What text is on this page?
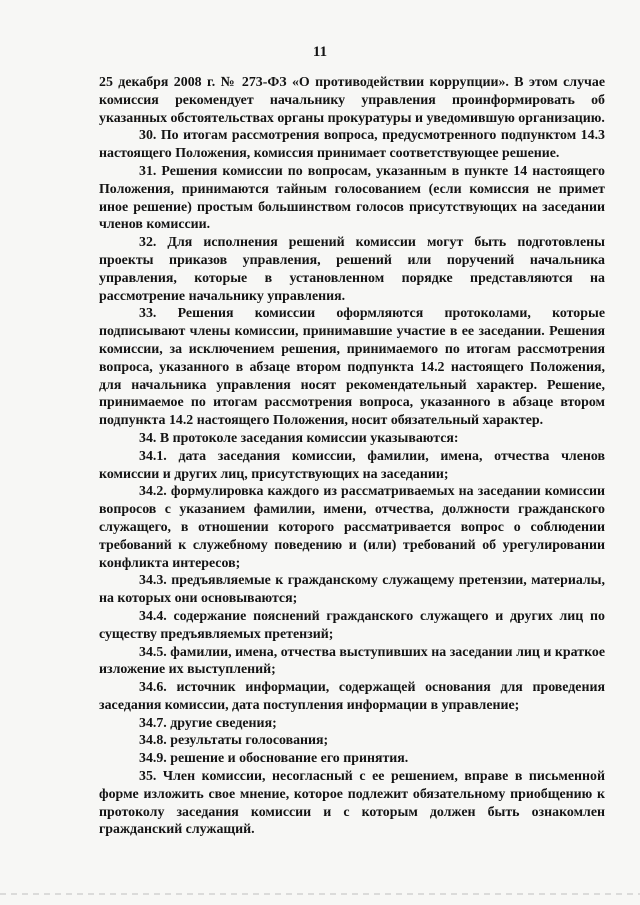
11

25 декабря 2008 г. № 273-ФЗ «О противодействии коррупции». В этом случае комиссия рекомендует начальнику управления проинформировать об указанных обстоятельствах органы прокуратуры и уведомившую организацию.

30. По итогам рассмотрения вопроса, предусмотренного подпунктом 14.3 настоящего Положения, комиссия принимает соответствующее решение.

31. Решения комиссии по вопросам, указанным в пункте 14 настоящего Положения, принимаются тайным голосованием (если комиссия не примет иное решение) простым большинством голосов присутствующих на заседании членов комиссии.

32. Для исполнения решений комиссии могут быть подготовлены проекты приказов управления, решений или поручений начальника управления, которые в установленном порядке представляются на рассмотрение начальнику управления.

33. Решения комиссии оформляются протоколами, которые подписывают члены комиссии, принимавшие участие в ее заседании. Решения комиссии, за исключением решения, принимаемого по итогам рассмотрения вопроса, указанного в абзаце втором подпункта 14.2 настоящего Положения, для начальника управления носят рекомендательный характер. Решение, принимаемое по итогам рассмотрения вопроса, указанного в абзаце втором подпункта 14.2 настоящего Положения, носит обязательный характер.

34. В протоколе заседания комиссии указываются:

34.1. дата заседания комиссии, фамилии, имена, отчества членов комиссии и других лиц, присутствующих на заседании;

34.2. формулировка каждого из рассматриваемых на заседании комиссии вопросов с указанием фамилии, имени, отчества, должности гражданского служащего, в отношении которого рассматривается вопрос о соблюдении требований к служебному поведению и (или) требований об урегулировании конфликта интересов;

34.3. предъявляемые к гражданскому служащему претензии, материалы, на которых они основываются;

34.4. содержание пояснений гражданского служащего и других лиц по существу предъявляемых претензий;

34.5. фамилии, имена, отчества выступивших на заседании лиц и краткое изложение их выступлений;

34.6. источник информации, содержащей основания для проведения заседания комиссии, дата поступления информации в управление;

34.7. другие сведения;

34.8. результаты голосования;

34.9. решение и обоснование его принятия.

35. Член комиссии, несогласный с ее решением, вправе в письменной форме изложить свое мнение, которое подлежит обязательному приобщению к протоколу заседания комиссии и с которым должен быть ознакомлен гражданский служащий.
